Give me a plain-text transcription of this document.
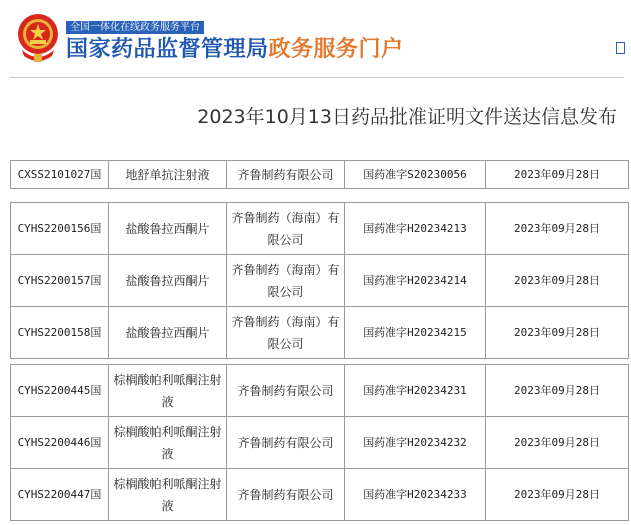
全国一体化在线政务服务平台
国家药品监督管理局政务服务门户
2023年10月13日药品批准证明文件送达信息发布
CXSS2101027国	地舒单抗注射液	齐鲁制药有限公司	国药准字S20230056	2023年09月28日
CYHS2200156国	盐酸鲁拉西酮片	齐鲁制药（海南）有限公司	国药准字H20234213	2023年09月28日
CYHS2200157国	盐酸鲁拉西酮片	齐鲁制药（海南）有限公司	国药准字H20234214	2023年09月28日
CYHS2200158国	盐酸鲁拉西酮片	齐鲁制药（海南）有限公司	国药准字H20234215	2023年09月28日
CYHS2200445国	棕榈酸帕利哌酮注射液	齐鲁制药有限公司	国药准字H20234231	2023年09月28日
CYHS2200446国	棕榈酸帕利哌酮注射液	齐鲁制药有限公司	国药准字H20234232	2023年09月28日
CYHS2200447国	棕榈酸帕利哌酮注射液	齐鲁制药有限公司	国药准字H20234233	2023年09月28日
